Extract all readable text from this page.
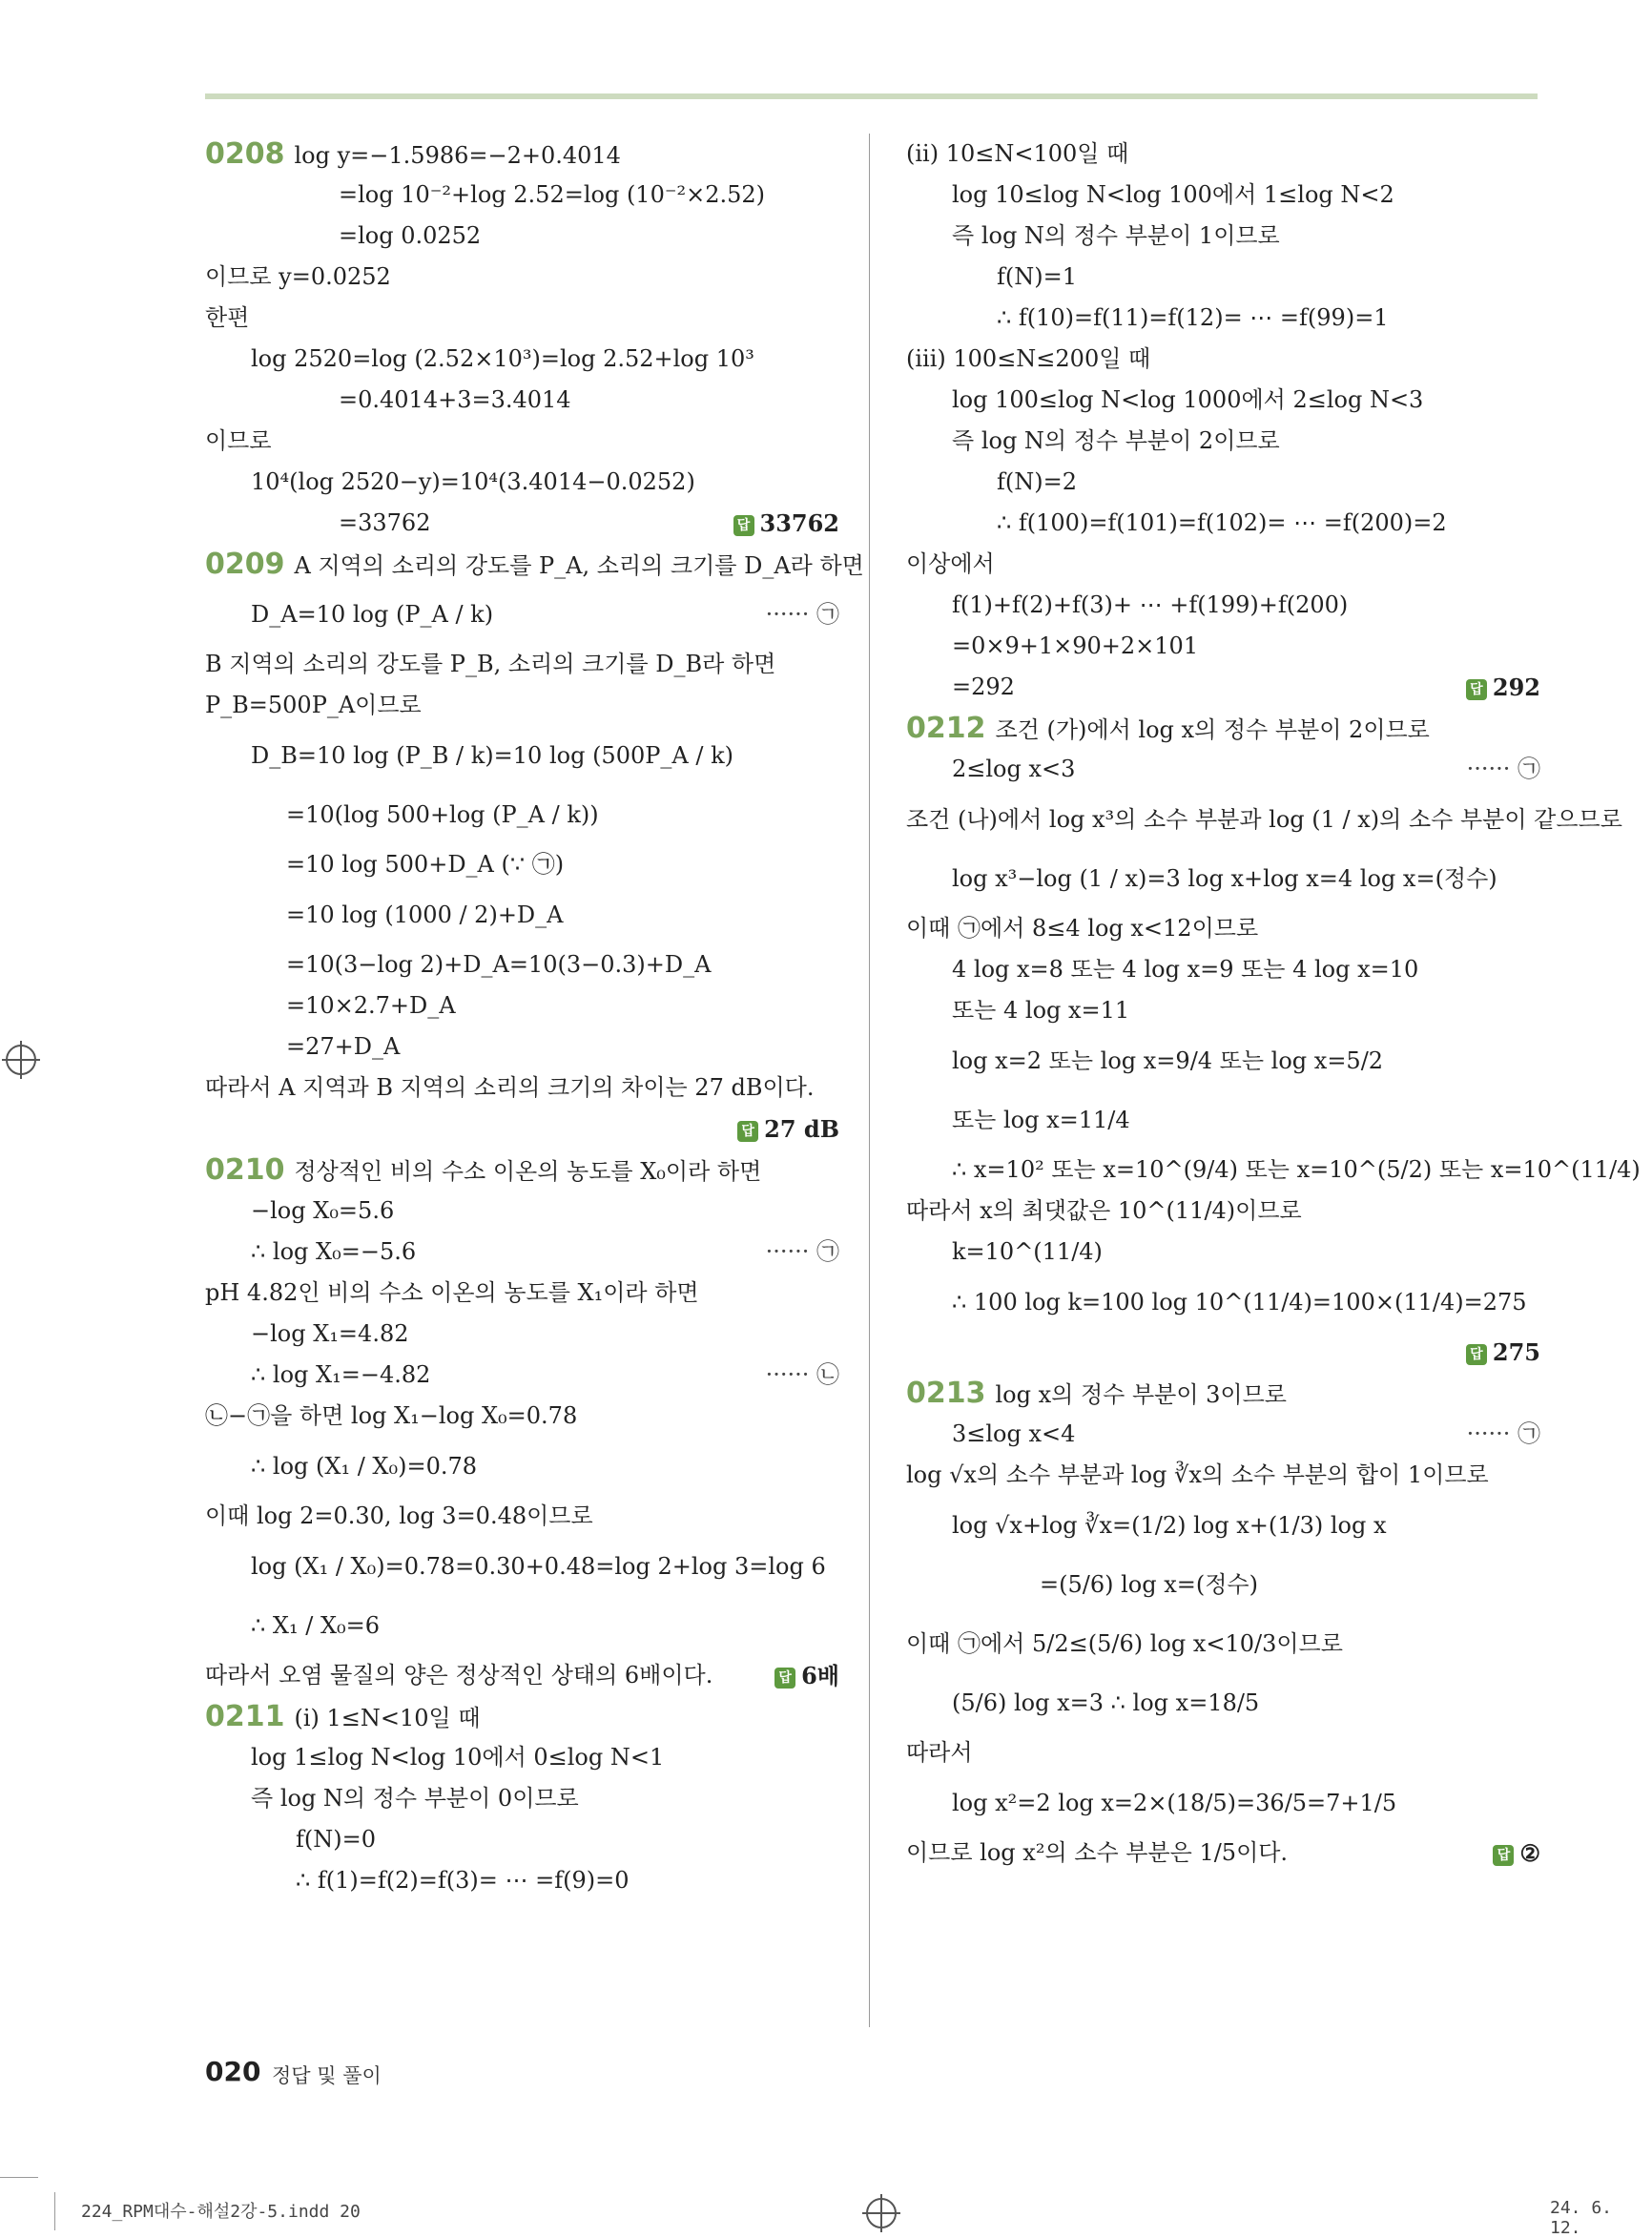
0208 log y=−1.5986=−2+0.4014
=log 10⁻²+log 2.52=log (10⁻²×2.52)
=log 0.0252
이므로 y=0.0252
한편
log 2520=log (2.52×10³)=log 2.52+log 10³
=0.4014+3=3.4014
이므로
10⁴(log 2520−y)=10⁴(3.4014−0.0252)
=33762	답 33762
0209 A 지역의 소리의 강도를 P_A, 소리의 크기를 D_A라 하면
D_A=10 log (P_A / k)	······ ㉠
B 지역의 소리의 강도를 P_B, 소리의 크기를 D_B라 하면
P_B=500P_A이므로
D_B=10 log (P_B / k)=10 log (500P_A / k)
=10(log 500+log (P_A / k))
=10 log 500+D_A (∵ ㉠)
=10 log (1000 / 2)+D_A
=10(3−log 2)+D_A=10(3−0.3)+D_A
=10×2.7+D_A
=27+D_A
따라서 A 지역과 B 지역의 소리의 크기의 차이는 27 dB이다.
답 27 dB
0210 정상적인 비의 수소 이온의 농도를 X₀이라 하면
−log X₀=5.6
∴ log X₀=−5.6	······ ㉠
pH 4.82인 비의 수소 이온의 농도를 X₁이라 하면
−log X₁=4.82
∴ log X₁=−4.82	······ ㉡
㉡−㉠을 하면 log X₁−log X₀=0.78
∴ log (X₁ / X₀)=0.78
이때 log 2=0.30, log 3=0.48이므로
log (X₁ / X₀)=0.78=0.30+0.48=log 2+log 3=log 6
∴ X₁ / X₀=6
따라서 오염 물질의 양은 정상적인 상태의 6배이다.	답 6배
0211 (i) 1≤N<10일 때
log 1≤log N<log 10에서 0≤log N<1
즉 log N의 정수 부분이 0이므로
f(N)=0
∴ f(1)=f(2)=f(3)= ⋯ =f(9)=0
(ii) 10≤N<100일 때
log 10≤log N<log 100에서 1≤log N<2
즉 log N의 정수 부분이 1이므로
f(N)=1
∴ f(10)=f(11)=f(12)= ⋯ =f(99)=1
(iii) 100≤N≤200일 때
log 100≤log N<log 1000에서 2≤log N<3
즉 log N의 정수 부분이 2이므로
f(N)=2
∴ f(100)=f(101)=f(102)= ⋯ =f(200)=2
이상에서
f(1)+f(2)+f(3)+ ⋯ +f(199)+f(200)
=0×9+1×90+2×101
=292	답 292
0212 조건 (가)에서 log x의 정수 부분이 2이므로
2≤log x<3	······ ㉠
조건 (나)에서 log x³의 소수 부분과 log (1 / x)의 소수 부분이 같으므로
log x³−log (1 / x)=3 log x+log x=4 log x=(정수)
이때 ㉠에서 8≤4 log x<12이므로
4 log x=8 또는 4 log x=9 또는 4 log x=10
또는 4 log x=11
log x=2 또는 log x=9/4 또는 log x=5/2
또는 log x=11/4
∴ x=10² 또는 x=10^(9/4) 또는 x=10^(5/2) 또는 x=10^(11/4)
따라서 x의 최댓값은 10^(11/4)이므로
k=10^(11/4)
∴ 100 log k=100 log 10^(11/4)=100×(11/4)=275
답 275
0213 log x의 정수 부분이 3이므로
3≤log x<4	······ ㉠
log √x의 소수 부분과 log ∛x의 소수 부분의 합이 1이므로
log √x+log ∛x=(1/2) log x+(1/3) log x
=(5/6) log x=(정수)
이때 ㉠에서 5/2≤(5/6) log x<10/3이므로
(5/6) log x=3 ∴ log x=18/5
따라서
log x²=2 log x=2×(18/5)=36/5=7+1/5
이므로 log x²의 소수 부분은 1/5이다.	답 ②
020 정답 및 풀이
224_RPM대수-해설2강-5.indd 20	24. 6. 12.
